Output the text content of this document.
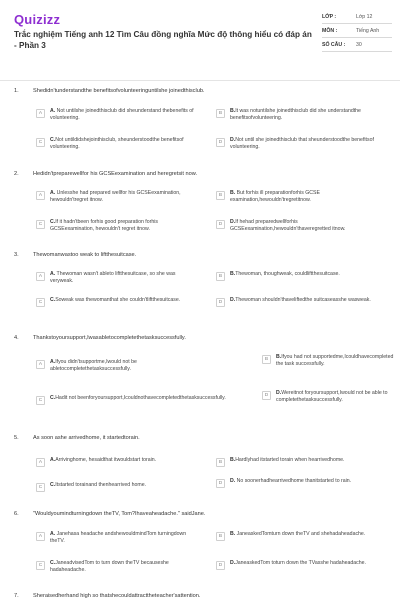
Quizizz
Trắc nghiệm Tiếng anh 12 Tìm Câu đồng nghĩa Mức độ thông hiểu có đáp án - Phần 3
LỚP :	Lớp 12
MÔN :	Tiếng Anh
SỐ CÂU :	30
1.	Shedidn'tunderstandthe benefitsofvolunteeringuntilshe joinedthisclub.
A	A. Not untilshe joinedthisclub did sheunderstand thebenefits of volunteering.
B	B.It was notuntilshe joinedthisclub did she understandthe benefitsofvolunteering.
C	C.Not untildidshejointhisclub, sheunderstoodthe benefitsof volunteering.
D	D.Not until she joinedthisclub that sheunderstoodthe benefitsof volunteering.
2.	Hedidn'tpreparewellfor his GCSEexamination and heregretsit now.
A	A. Unlesshe had prepared wellfor his GCSEexamination, hewouldn'tregret itnow.
B	B. But forhis ill preparationforhis GCSE examination,hewouldn'tregretitnow.
C	C.If it hadn'tbeen forhis good preparation forhis GCSEexamination, hewouldn't regret itnow.
D	D.If hehad preparedwellforhis GCSEexamination,hewouldn'thaveregretted itnow.
3.	Thewomanwastoo weak to liftthesuitcase.
A	A. Thewoman wasn't ableto liftthesuitcase, so she was veryweak.
B	B.Thewoman, thoughweak, couldliftthesuitcase.
C	C.Soweak was thewomanthat she couldn'tliftthesuitcase.	D	D.Thewoman shouldn'thaveliftedthe suitcaseasshe wasweak.
4.	Thankstoyoursupport,Iwasabletocompletethetasksuccessfully.
A	A.Ifyou didn'tsupportme,Iwould not be abletocompletethetasksuccessfully.
B	B.Ifyou had not supportedme,Icouldhavecompleted the task successfully.
C	C.Hadit not beenforyoursupport,Icouldnothavecompletedthetasksuccessfully.	D	D.Wereitnot foryoursupport,Iwould not be able to completethetasksuccessfully.
5.	As soon ashe arrivedhome, it startedtorain.
A	A.Arrivinghome, hesaidthat itwouldstart torain.	B	B.Hardlyhad itstarted torain when hearrivedhome.
C	C.Itstarted torainand thenhearrived home.	D	D. No soonerhadhearrivedhome thanitstarted to rain.
6.	"Wouldyoumindturningdown theTV, Tom?Ihaveaheadache." saidJane.
A	A. Janehasa headache andshewouldmindTom turningdown theTV.
B	B. JaneaskedTomturn down theTV and shehadaheadache.
C	C.JaneadvisedTom to turn down theTV becauseshe hadaheadache.
D	D.JaneaskedTom toturn down the TVasshe hadaheadache.
7.	Sheraisedherhand high so thatshecouldattracttheteacher'sattention.
